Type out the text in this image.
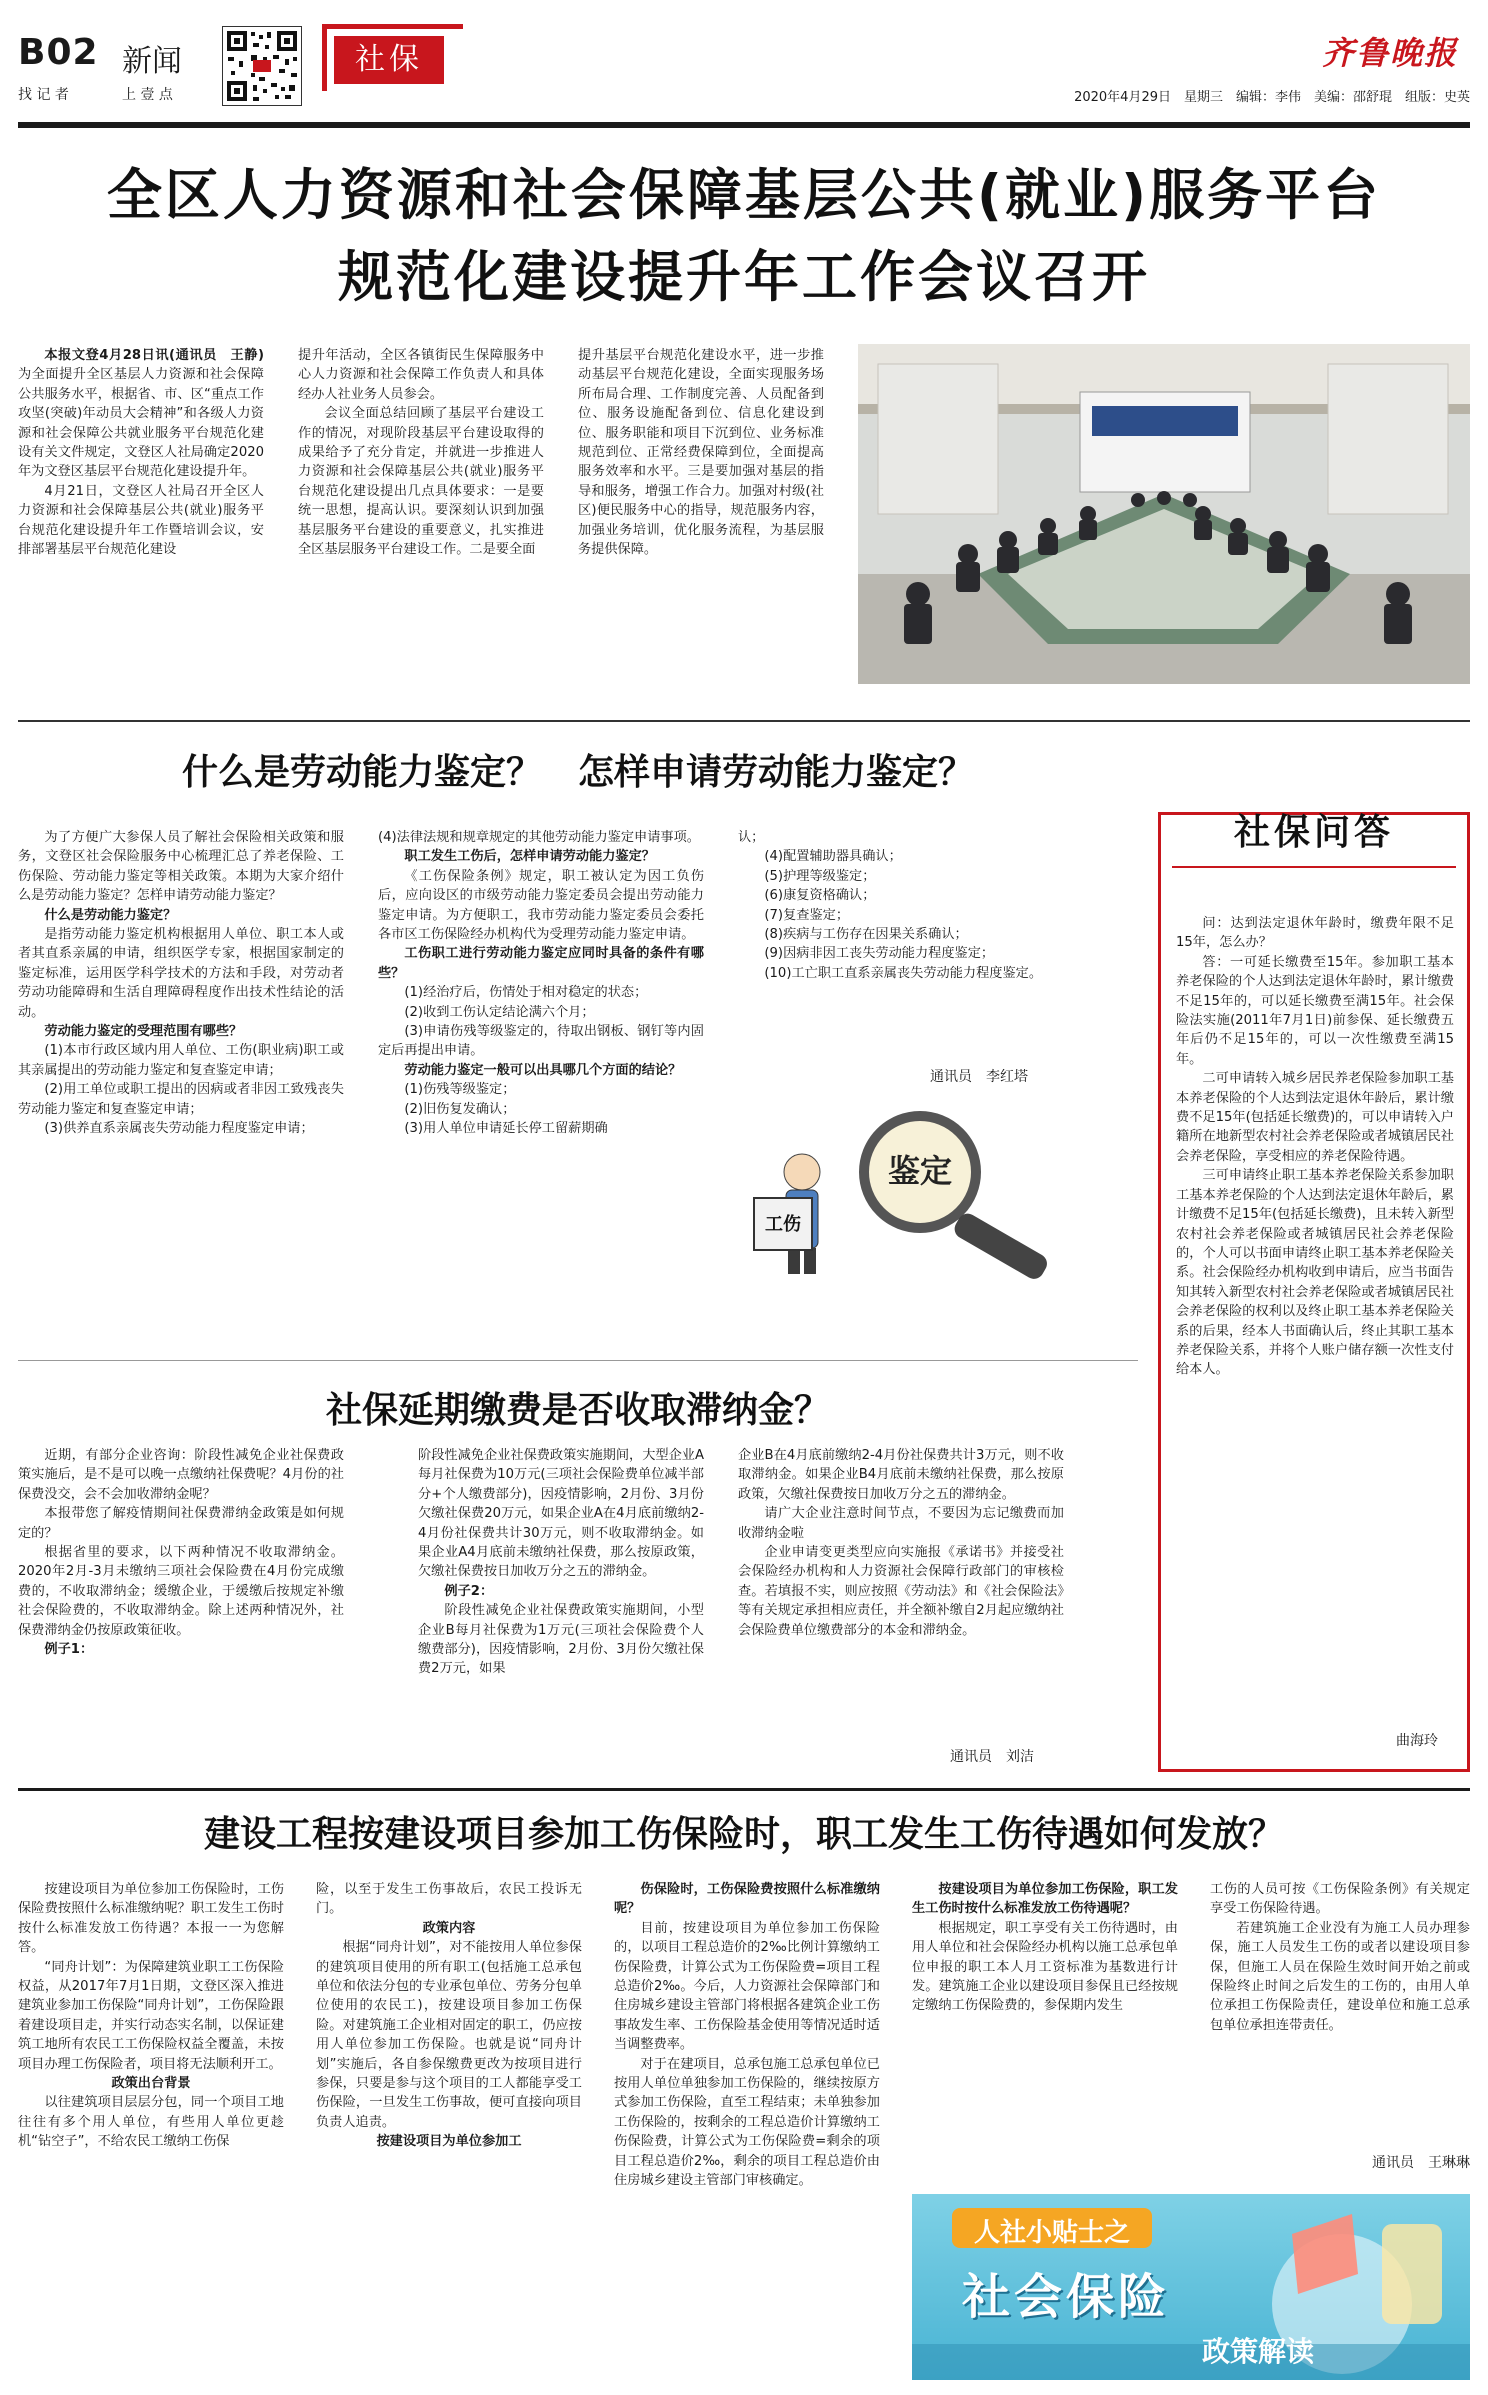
B02 新闻
找 记 者	上 壹 点
社保	齐鲁晚报
2020年4月29日　星期三　编辑：李伟　美编：邵舒琨　组版：史英
全区人力资源和社会保障基层公共(就业)服务平台
规范化建设提升年工作会议召开

本报文登4月28日讯(通讯员　王静)为全面提升全区基层人力资源和社会保障公共服务水平，根据省、市、区“重点工作攻坚(突破)年动员大会精神”和各级人力资源和社会保障公共就业服务平台规范化建设有关文件规定，文登区人社局确定2020年为文登区基层平台规范化建设提升年。

4月21日，文登区人社局召开全区人力资源和社会保障基层公共(就业)服务平台规范化建设提升年工作暨培训会议，安排部署基层平台规范化建设

提升年活动，全区各镇街民生保障服务中心人力资源和社会保障工作负责人和具体经办人社业务人员参会。

会议全面总结回顾了基层平台建设工作的情况，对现阶段基层平台建设取得的成果给予了充分肯定，并就进一步推进人力资源和社会保障基层公共(就业)服务平台规范化建设提出几点具体要求：一是要统一思想，提高认识。要深刻认识到加强基层服务平台建设的重要意义，扎实推进全区基层服务平台建设工作。二是要全面

提升基层平台规范化建设水平，进一步推动基层平台规范化建设，全面实现服务场所布局合理、工作制度完善、人员配备到位、服务设施配备到位、信息化建设到位、服务职能和项目下沉到位、业务标准规范到位、正常经费保障到位，全面提高服务效率和水平。三是要加强对基层的指导和服务，增强工作合力。加强对村级(社区)便民服务中心的指导，规范服务内容，加强业务培训，优化服务流程，为基层服务提供保障。

什么是劳动能力鉴定？　怎样申请劳动能力鉴定？

为了方便广大参保人员了解社会保险相关政策和服务，文登区社会保险服务中心梳理汇总了养老保险、工伤保险、劳动能力鉴定等相关政策。本期为大家介绍什么是劳动能力鉴定？怎样申请劳动能力鉴定？

什么是劳动能力鉴定？

是指劳动能力鉴定机构根据用人单位、职工本人或者其直系亲属的申请，组织医学专家，根据国家制定的鉴定标准，运用医学科学技术的方法和手段，对劳动者劳动功能障碍和生活自理障碍程度作出技术性结论的活动。

劳动能力鉴定的受理范围有哪些？

(1)本市行政区域内用人单位、工伤(职业病)职工或其亲属提出的劳动能力鉴定和复查鉴定申请；

(2)用工单位或职工提出的因病或者非因工致残丧失劳动能力鉴定和复查鉴定申请；

(3)供养直系亲属丧失劳动能力程度鉴定申请；

(4)法律法规和规章规定的其他劳动能力鉴定申请事项。

职工发生工伤后，怎样申请劳动能力鉴定？

《工伤保险条例》规定，职工被认定为因工负伤后，应向设区的市级劳动能力鉴定委员会提出劳动能力鉴定申请。为方便职工，我市劳动能力鉴定委员会委托各市区工伤保险经办机构代为受理劳动能力鉴定申请。

工伤职工进行劳动能力鉴定应同时具备的条件有哪些？

(1)经治疗后，伤情处于相对稳定的状态；

(2)收到工伤认定结论满六个月；

(3)申请伤残等级鉴定的，待取出钢板、钢钉等内固定后再提出申请。

劳动能力鉴定一般可以出具哪几个方面的结论？

(1)伤残等级鉴定；

(2)旧伤复发确认；

(3)用人单位申请延长停工留薪期确

认；

(4)配置辅助器具确认；

(5)护理等级鉴定；

(6)康复资格确认；

(7)复查鉴定；

(8)疾病与工伤存在因果关系确认；

(9)因病非因工丧失劳动能力程度鉴定；

(10)工亡职工直系亲属丧失劳动能力程度鉴定。

通讯员　李红塔
工伤
鉴定
社保问答

问：达到法定退休年龄时，缴费年限不足15年，怎么办？

答：一可延长缴费至15年。参加职工基本养老保险的个人达到法定退休年龄时，累计缴费不足15年的，可以延长缴费至满15年。社会保险法实施(2011年7月1日)前参保、延长缴费五年后仍不足15年的，可以一次性缴费至满15年。

二可申请转入城乡居民养老保险参加职工基本养老保险的个人达到法定退休年龄后，累计缴费不足15年(包括延长缴费)的，可以申请转入户籍所在地新型农村社会养老保险或者城镇居民社会养老保险，享受相应的养老保险待遇。

三可申请终止职工基本养老保险关系参加职工基本养老保险的个人达到法定退休年龄后，累计缴费不足15年(包括延长缴费)，且未转入新型农村社会养老保险或者城镇居民社会养老保险的，个人可以书面申请终止职工基本养老保险关系。社会保险经办机构收到申请后，应当书面告知其转入新型农村社会养老保险或者城镇居民社会养老保险的权利以及终止职工基本养老保险关系的后果，经本人书面确认后，终止其职工基本养老保险关系，并将个人账户储存额一次性支付给本人。

曲海玲
社保延期缴费是否收取滞纳金？

近期，有部分企业咨询：阶段性减免企业社保费政策实施后，是不是可以晚一点缴纳社保费呢？4月份的社保费没交，会不会加收滞纳金呢？

本报带您了解疫情期间社保费滞纳金政策是如何规定的？

根据省里的要求，以下两种情况不收取滞纳金。2020年2月-3月未缴纳三项社会保险费在4月份完成缴费的，不收取滞纳金；缓缴企业，于缓缴后按规定补缴社会保险费的，不收取滞纳金。除上述两种情况外，社保费滞纳金仍按原政策征收。

例子1：

阶段性减免企业社保费政策实施期间，大型企业A每月社保费为10万元(三项社会保险费单位减半部分+个人缴费部分)，因疫情影响，2月份、3月份欠缴社保费20万元，如果企业A在4月底前缴纳2-4月份社保费共计30万元，则不收取滞纳金。如果企业A4月底前未缴纳社保费，那么按原政策，欠缴社保费按日加收万分之五的滞纳金。

例子2：

阶段性减免企业社保费政策实施期间，小型企业B每月社保费为1万元(三项社会保险费个人缴费部分)，因疫情影响，2月份、3月份欠缴社保费2万元，如果

企业B在4月底前缴纳2-4月份社保费共计3万元，则不收取滞纳金。如果企业B4月底前未缴纳社保费，那么按原政策，欠缴社保费按日加收万分之五的滞纳金。

请广大企业注意时间节点，不要因为忘记缴费而加收滞纳金啦

企业申请变更类型应向实施报《承诺书》并接受社会保险经办机构和人力资源社会保障行政部门的审核检查。若填报不实，则应按照《劳动法》和《社会保险法》等有关规定承担相应责任，并全额补缴自2月起应缴纳社会保险费单位缴费部分的本金和滞纳金。

通讯员　刘洁
建设工程按建设项目参加工伤保险时，职工发生工伤待遇如何发放？

按建设项目为单位参加工伤保险时，工伤保险费按照什么标准缴纳呢？职工发生工伤时按什么标准发放工伤待遇？本报一一为您解答。

“同舟计划”：为保障建筑业职工工伤保险权益，从2017年7月1日期，文登区深入推进建筑业参加工伤保险“同舟计划”，工伤保险跟着建设项目走，并实行动态实名制，以保证建筑工地所有农民工工伤保险权益全覆盖，未按项目办理工伤保险者，项目将无法顺利开工。

政策出台背景

以往建筑项目层层分包，同一个项目工地往往有多个用人单位，有些用人单位更趁机“钻空子”，不给农民工缴纳工伤保

险，以至于发生工伤事故后，农民工投诉无门。

政策内容

根据“同舟计划”，对不能按用人单位参保的建筑项目使用的所有职工(包括施工总承包单位和依法分包的专业承包单位、劳务分包单位使用的农民工)，按建设项目参加工伤保险。对建筑施工企业相对固定的职工，仍应按用人单位参加工伤保险。也就是说“同舟计划”实施后，各自参保缴费更改为按项目进行参保，只要是参与这个项目的工人都能享受工伤保险，一旦发生工伤事故，便可直接向项目负责人追责。

按建设项目为单位参加工

伤保险时，工伤保险费按照什么标准缴纳呢？

目前，按建设项目为单位参加工伤保险的，以项目工程总造价的2‰比例计算缴纳工伤保险费，计算公式为工伤保险费=项目工程总造价2‰。今后，人力资源社会保障部门和住房城乡建设主管部门将根据各建筑企业工伤事故发生率、工伤保险基金使用等情况适时适当调整费率。

对于在建项目，总承包施工总承包单位已按用人单位单独参加工伤保险的，继续按原方式参加工伤保险，直至工程结束；未单独参加工伤保险的，按剩余的工程总造价计算缴纳工伤保险费，计算公式为工伤保险费=剩余的项目工程总造价2‰，剩余的项目工程总造价由住房城乡建设主管部门审核确定。

按建设项目为单位参加工伤保险，职工发生工伤时按什么标准发放工伤待遇呢？

根据规定，职工享受有关工伤待遇时，由用人单位和社会保险经办机构以施工总承包单位申报的职工本人月工资标准为基数进行计发。建筑施工企业以建设项目参保且已经按规定缴纳工伤保险费的，参保期内发生

工伤的人员可按《工伤保险条例》有关规定享受工伤保险待遇。

若建筑施工企业没有为施工人员办理参保，施工人员发生工伤的或者以建设项目参保，但施工人员在保险生效时间开始之前或保险终止时间之后发生的工伤的，由用人单位承担工伤保险责任，建设单位和施工总承包单位承担连带责任。

通讯员　王琳琳
人社小贴士之
社会保险
政策解读
